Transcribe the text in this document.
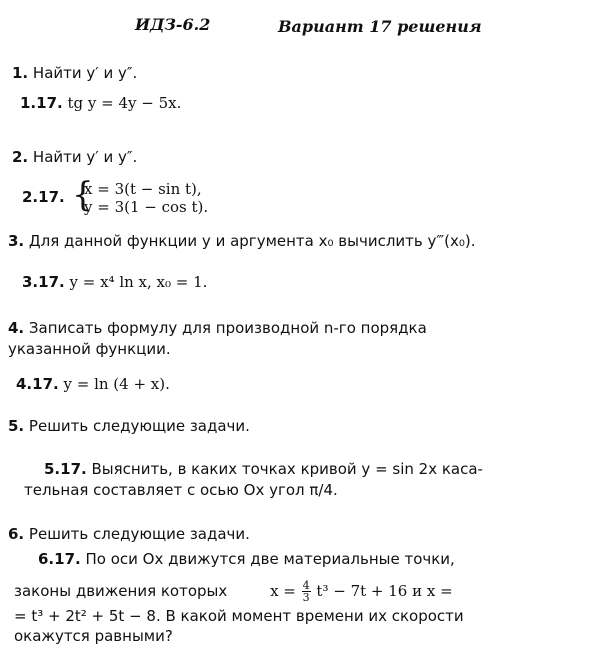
ИДЗ-6.2	Вариант 17 решения
1. Найти y′ и y″.
1.17. tg y = 4y − 5x.
2. Найти y′ и y″.
2.17. {
x = 3(t − sin t),
y = 3(1 − cos t).
3. Для данной функции y и аргумента x₀ вычислить y‴(x₀).
3.17. y = x⁴ ln x, x₀ = 1.
4. Записать формулу для производной n-го порядка
указанной функции.
4.17. y = ln (4 + x).
5. Решить следующие задачи.
5.17. Выяснить, в каких точках кривой y = sin 2x каса-
тельная составляет с осью Ox угол π/4.
6. Решить следующие задачи.
6.17. По оси Ox движутся две материальные точки,
законы движения которых	$x = \frac{4}{3} t^3 - 7t + 16$ и x =
= t³ + 2t² + 5t − 8. В какой момент времени их скорости
окажутся равными?
